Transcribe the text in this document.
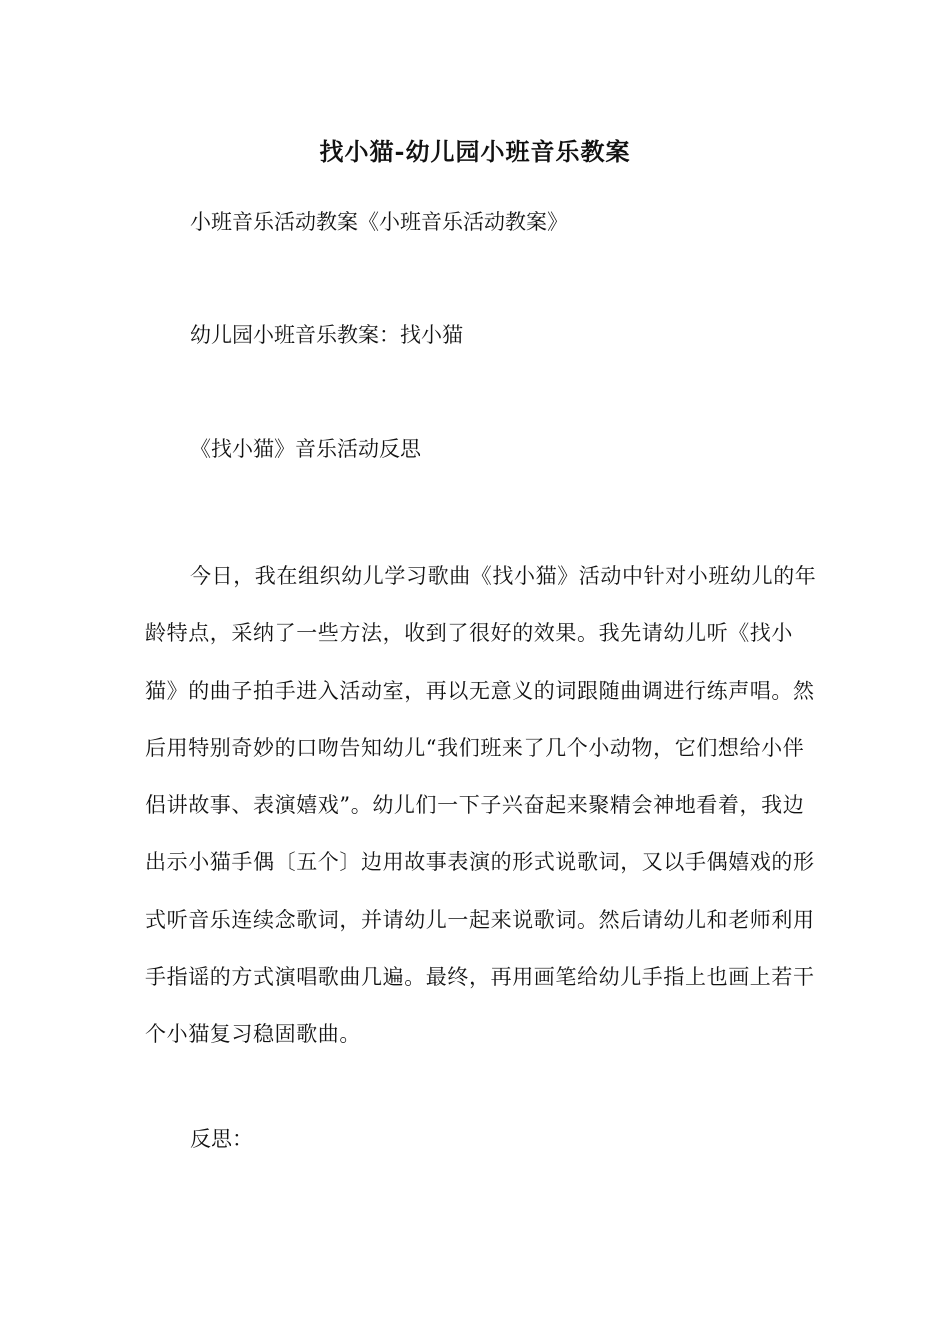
找小猫-幼儿园小班音乐教案

小班音乐活动教案《小班音乐活动教案》

幼儿园小班音乐教案：找小猫

《找小猫》音乐活动反思

今日，我在组织幼儿学习歌曲《找小猫》活动中针对小班幼儿的年龄特点，采纳了一些方法，收到了很好的效果。我先请幼儿听《找小猫》的曲子拍手进入活动室，再以无意义的词跟随曲调进行练声唱。然后用特别奇妙的口吻告知幼儿“我们班来了几个小动物，它们想给小伴侣讲故事、表演嬉戏”。幼儿们一下子兴奋起来聚精会神地看着，我边出示小猫手偶〔五个〕边用故事表演的形式说歌词，又以手偶嬉戏的形式听音乐连续念歌词，并请幼儿一起来说歌词。然后请幼儿和老师利用手指谣的方式演唱歌曲几遍。最终，再用画笔给幼儿手指上也画上若干个小猫复习稳固歌曲。

反思：
